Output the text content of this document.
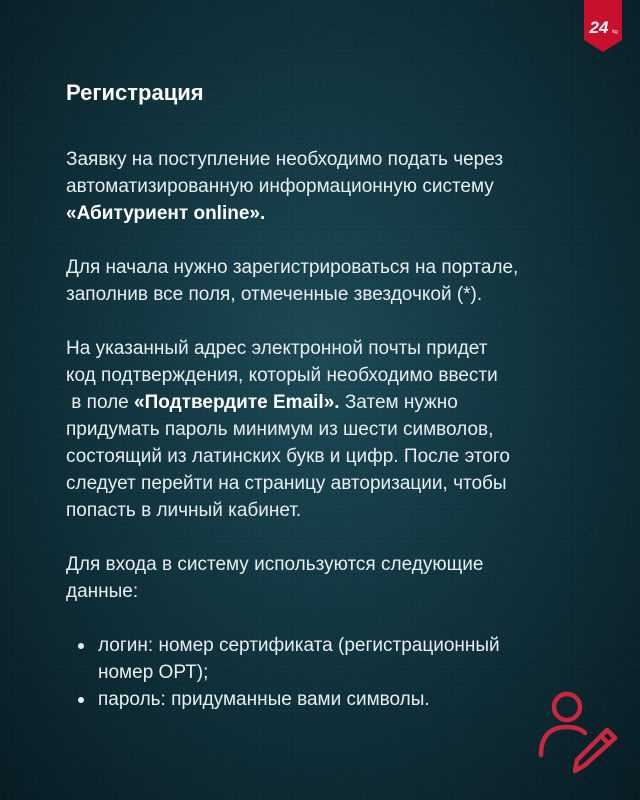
24 kg
Регистрация
Заявку на поступление необходимо подать через
автоматизированную информационную систему
«Абитуриент online».
Для начала нужно зарегистрироваться на портале,
заполнив все поля, отмеченные звездочкой (*).
На указанный адрес электронной почты придет
код подтверждения, который необходимо ввести
в поле «Подтвердите Email». Затем нужно
придумать пароль минимум из шести символов,
состоящий из латинских букв и цифр. После этого
следует перейти на страницу авторизации, чтобы
попасть в личный кабинет.
Для входа в систему используются следующие
данные:
логин: номер сертификата (регистрационный
номер ОРТ);
пароль: придуманные вами символы.
